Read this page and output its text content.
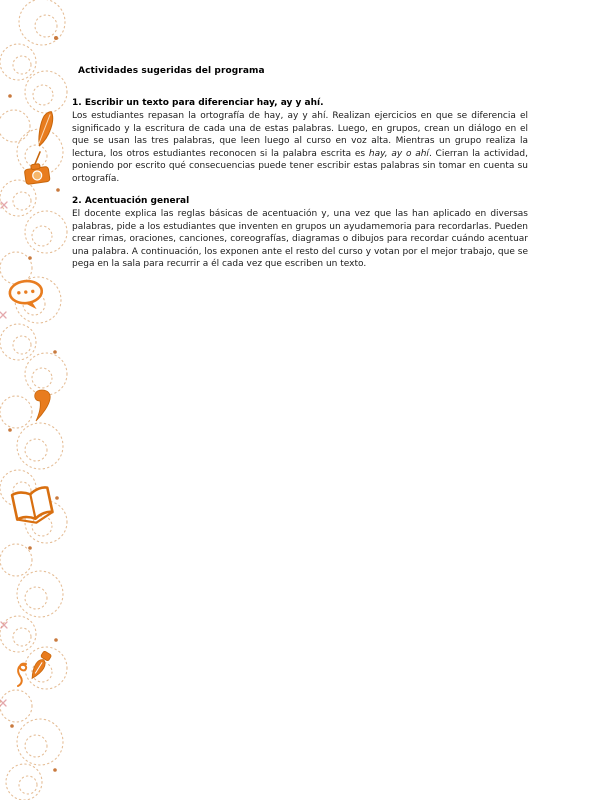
Actividades sugeridas del programa
1. Escribir un texto para diferenciar hay, ay y ahí.

Los estudiantes repasan la ortografía de hay, ay y ahí. Realizan ejercicios en que se diferencia el significado y la escritura de cada una de estas palabras. Luego, en grupos, crean un diálogo en el que se usan las tres palabras, que leen luego al curso en voz alta. Mientras un grupo realiza la lectura, los otros estudiantes reconocen si la palabra escrita es hay, ay o ahí. Cierran la actividad, poniendo por escrito qué consecuencias puede tener escribir estas palabras sin tomar en cuenta su ortografía.

2. Acentuación general

El docente explica las reglas básicas de acentuación y, una vez que las han aplicado en diversas palabras, pide a los estudiantes que inventen en grupos un ayudamemoria para recordarlas. Pueden crear rimas, oraciones, canciones, coreografías, diagramas o dibujos para recordar cuándo acentuar una palabra. A continuación, los exponen ante el resto del curso y votan por el mejor trabajo, que se pega en la sala para recurrir a él cada vez que escriben un texto.
